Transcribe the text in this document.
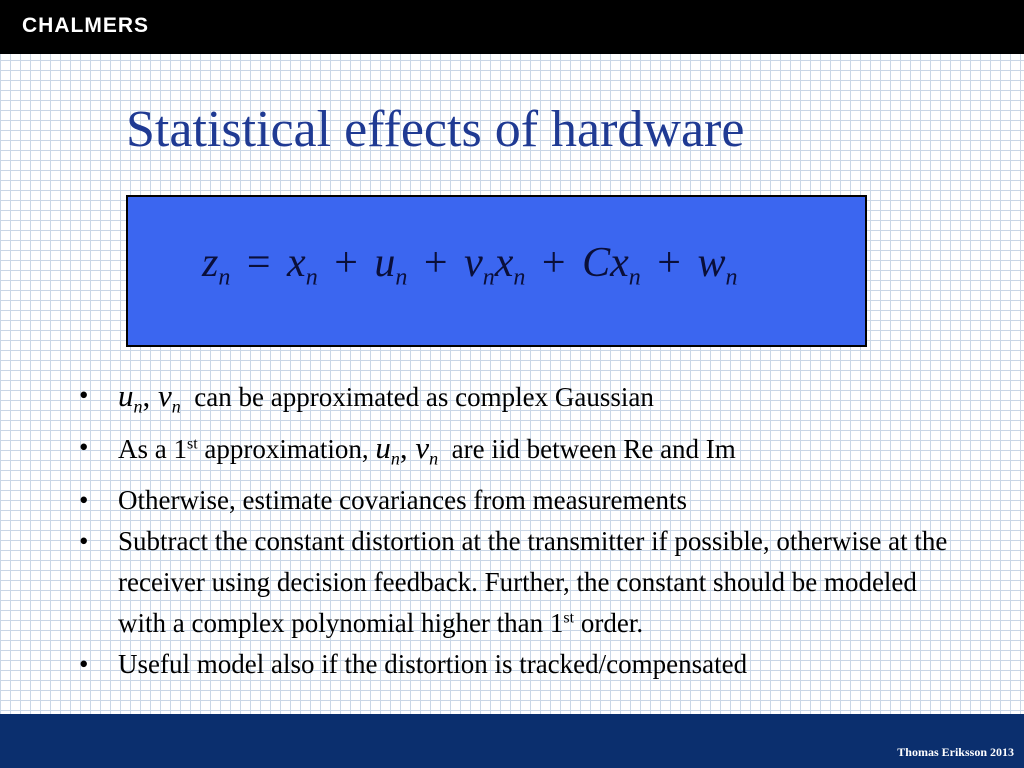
CHALMERS
Statistical effects of hardware
$z_n = x_n + u_n + v_nx_n + Cx_n + w_n$
• $u_n$, $v_n$ can be approximated as complex Gaussian
• As a 1st approximation, $u_n$, $v_n$ are iid between Re and Im
• Otherwise, estimate covariances from measurements
• Subtract the constant distortion at the transmitter if possible, otherwise at the receiver using decision feedback. Further, the constant should be modeled with a complex polynomial higher than 1st order.
• Useful model also if the distortion is tracked/compensated
Thomas Eriksson 2013
